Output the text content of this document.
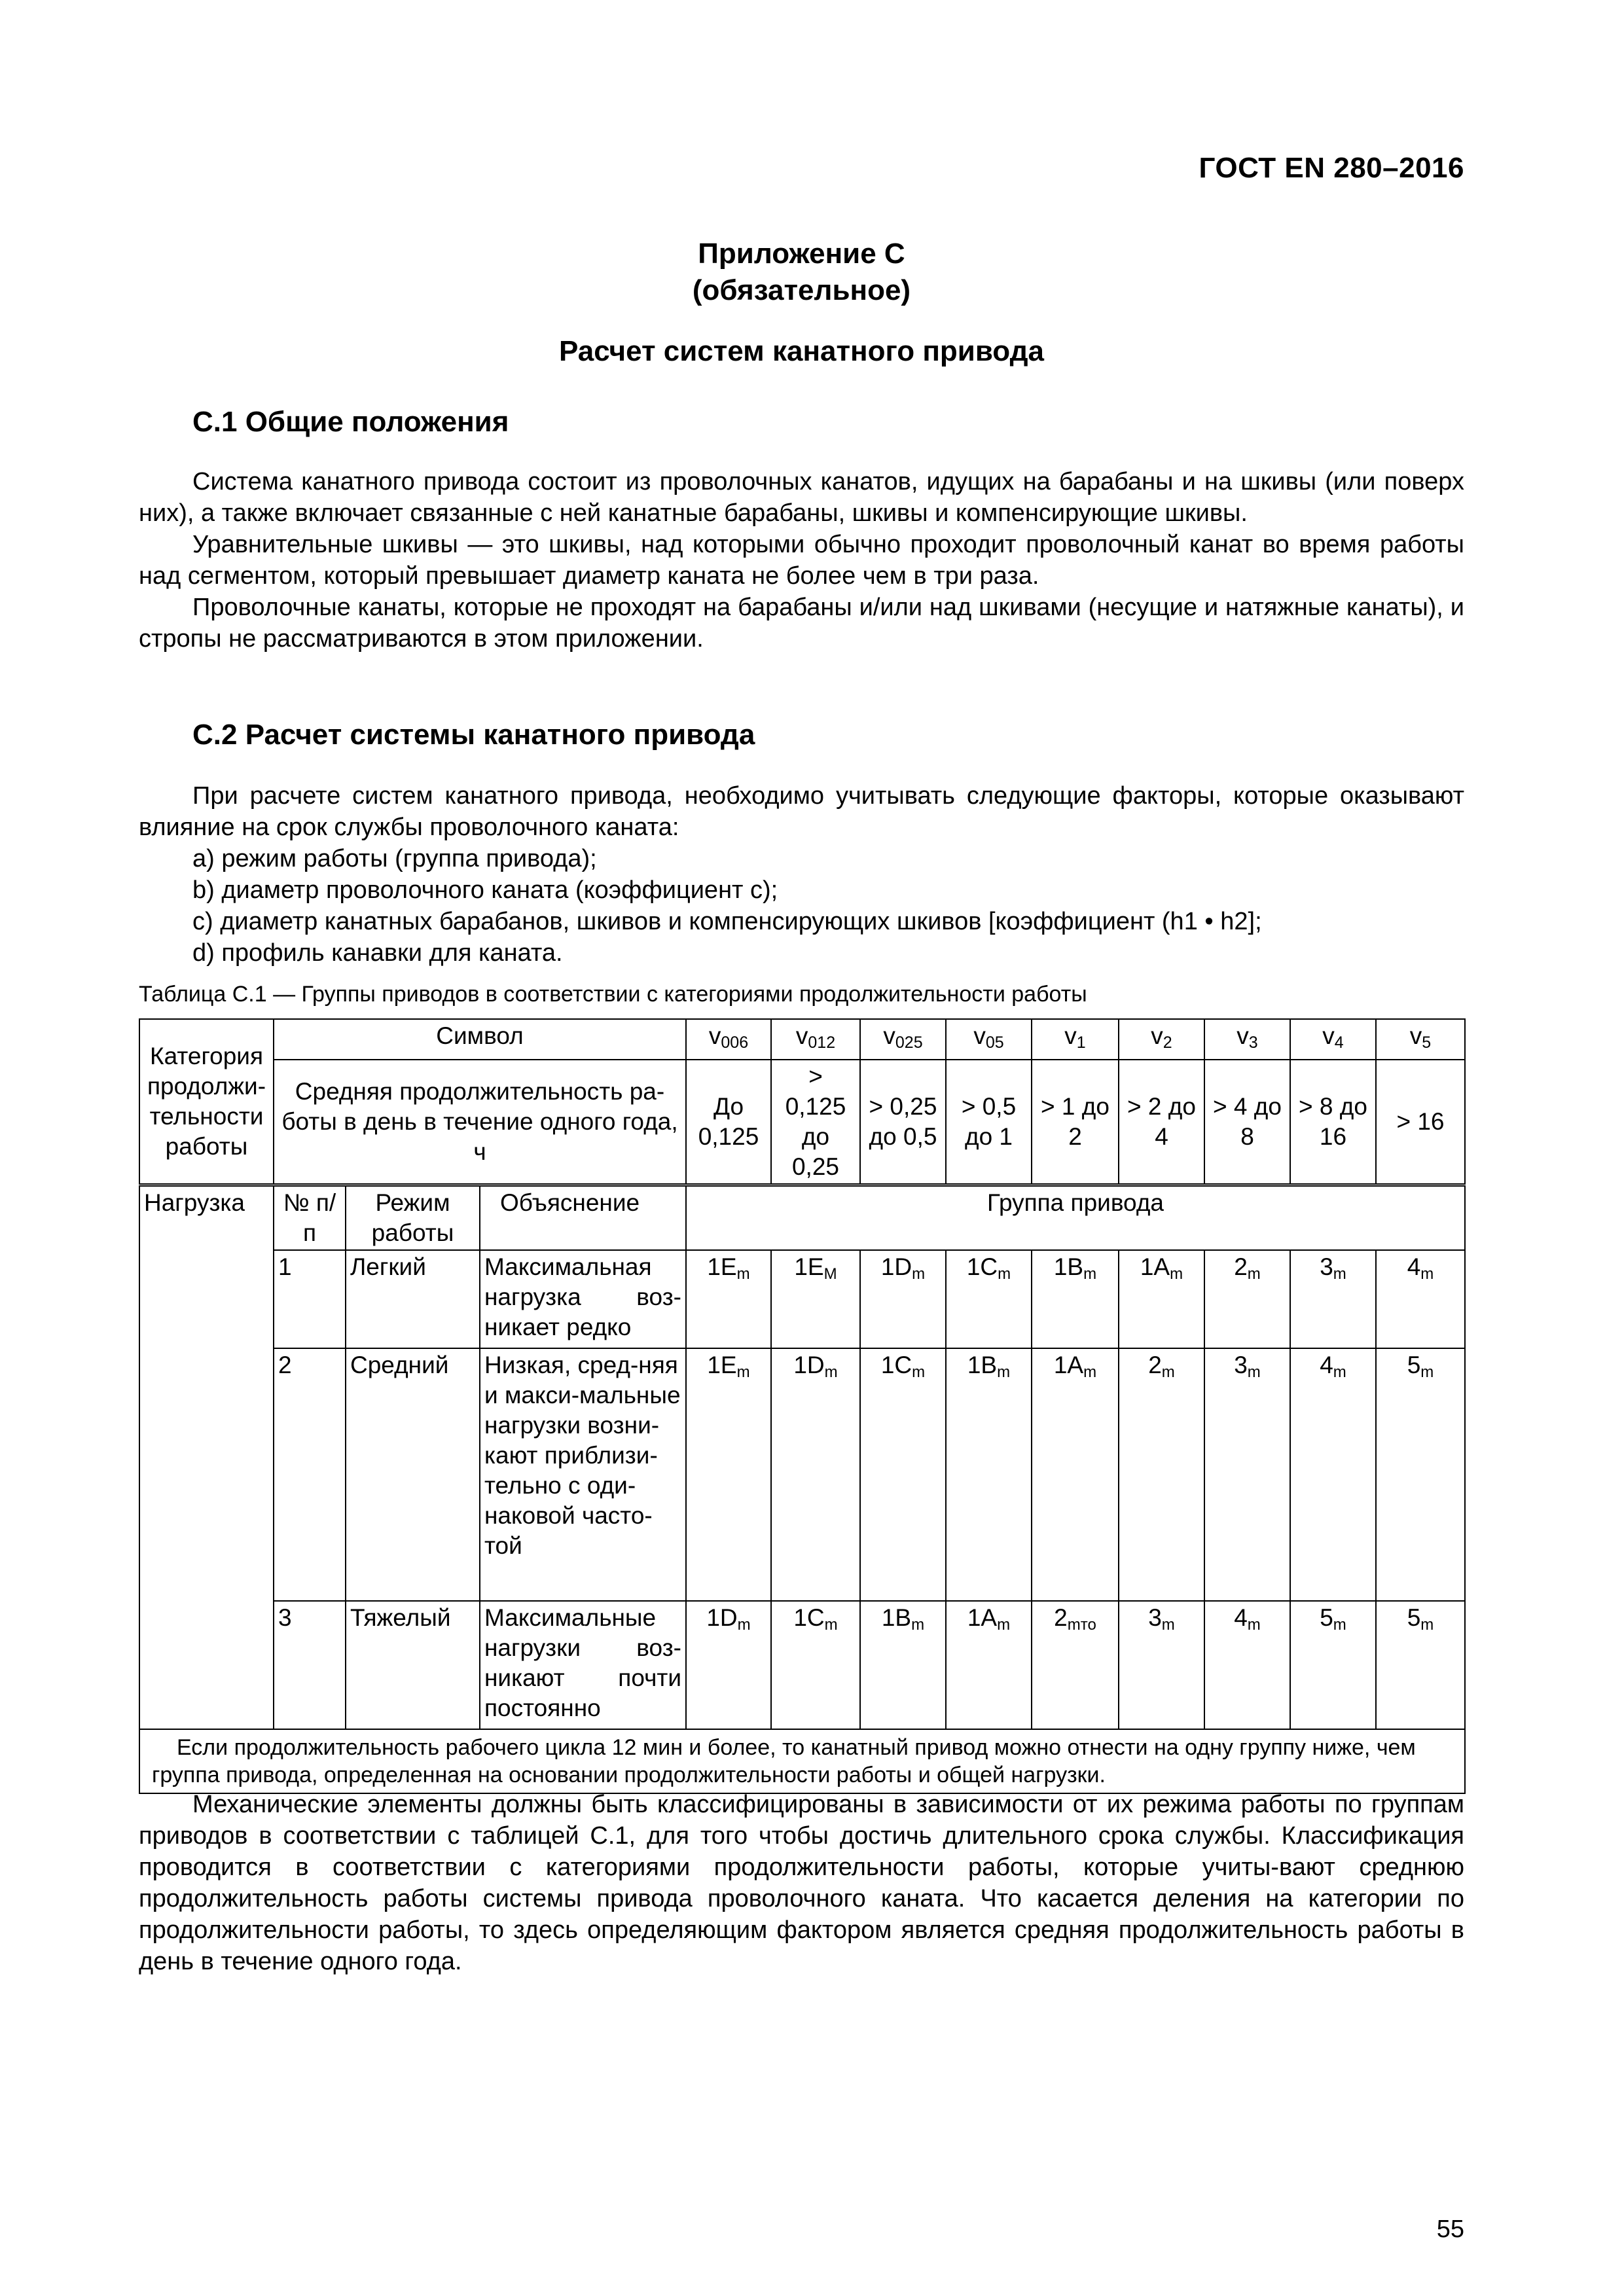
ГОСТ EN 280–2016
Приложение С
(обязательное)
Расчет систем канатного привода
С.1 Общие положения

Система канатного привода состоит из проволочных канатов, идущих на барабаны и на шкивы (или поверх них), а также включает связанные с ней канатные барабаны, шкивы и компенсирующие шкивы.

Уравнительные шкивы — это шкивы, над которыми обычно проходит проволочный канат во время работы над сегментом, который превышает диаметр каната не более чем в три раза.

Проволочные канаты, которые не проходят на барабаны и/или над шкивами (несущие и натяжные канаты), и стропы не рассматриваются в этом приложении.

С.2 Расчет системы канатного привода

При расчете систем канатного привода, необходимо учитывать следующие факторы, которые оказывают влияние на срок службы проволочного каната:

a) режим работы (группа привода);
b) диаметр проволочного каната (коэффициент с);
c) диаметр канатных барабанов, шкивов и компенсирующих шкивов [коэффициент (h1 • h2];
d) профиль канавки для каната.
Таблица С.1 — Группы приводов в соответствии с категориями продолжительности работы
Категория продолжи-тельности работы	Символ			$v_{006}$	$v_{012}$	$v_{025}$	$v_{05}$	$v_1$	$v_2$	$v_3$	$v_4$	$v_5$
	Средняя продолжительность ра-боты в день в течение одного года, ч			До 0,125	> 0,125 до 0,25	> 0,25 до 0,5	> 0,5 до 1	> 1 до 2	> 2 до 4	> 4 до 8	> 8 до 16	> 16
Нагрузка	№ п/п	Режим работы	Объяснение	Группа привода								
	1	Легкий	Максимальная нагрузка воз-никает редко	$1E_m$	$1E_M$	$1D_m$	$1C_m$	$1B_m$	$1A_m$	$2_m$	$3_m$	$4_m$
	2	Средний	Низкая, сред-няя и макси-мальные нагрузки возни-кают приблизи-тельно с оди-наковой часто-той	$1E_m$	$1D_m$	$1C_m$	$1B_m$	$1A_m$	$2_m$	$3_m$	$4_m$	$5_m$
	3	Тяжелый	Максимальные нагрузки воз-никают почти постоянно	$1D_m$	$1C_m$	$1B_m$	$1A_m$	$2_{mто}$	$3_m$	$4_m$	$5_m$	$5_m$
Если продолжительность рабочего цикла 12 мин и более, то канатный привод можно отнести на одну группу ниже, чем группа привода, определенная на основании продолжительности работы и общей нагрузки.												

Механические элементы должны быть классифицированы в зависимости от их режима работы по группам приводов в соответствии с таблицей С.1, для того чтобы достичь длительного срока службы. Классификация проводится в соответствии с категориями продолжительности работы, которые учиты-вают среднюю продолжительность работы системы привода проволочного каната. Что касается деления на категории по продолжительности работы, то здесь определяющим фактором является средняя продолжительность работы в день в течение одного года.

55
